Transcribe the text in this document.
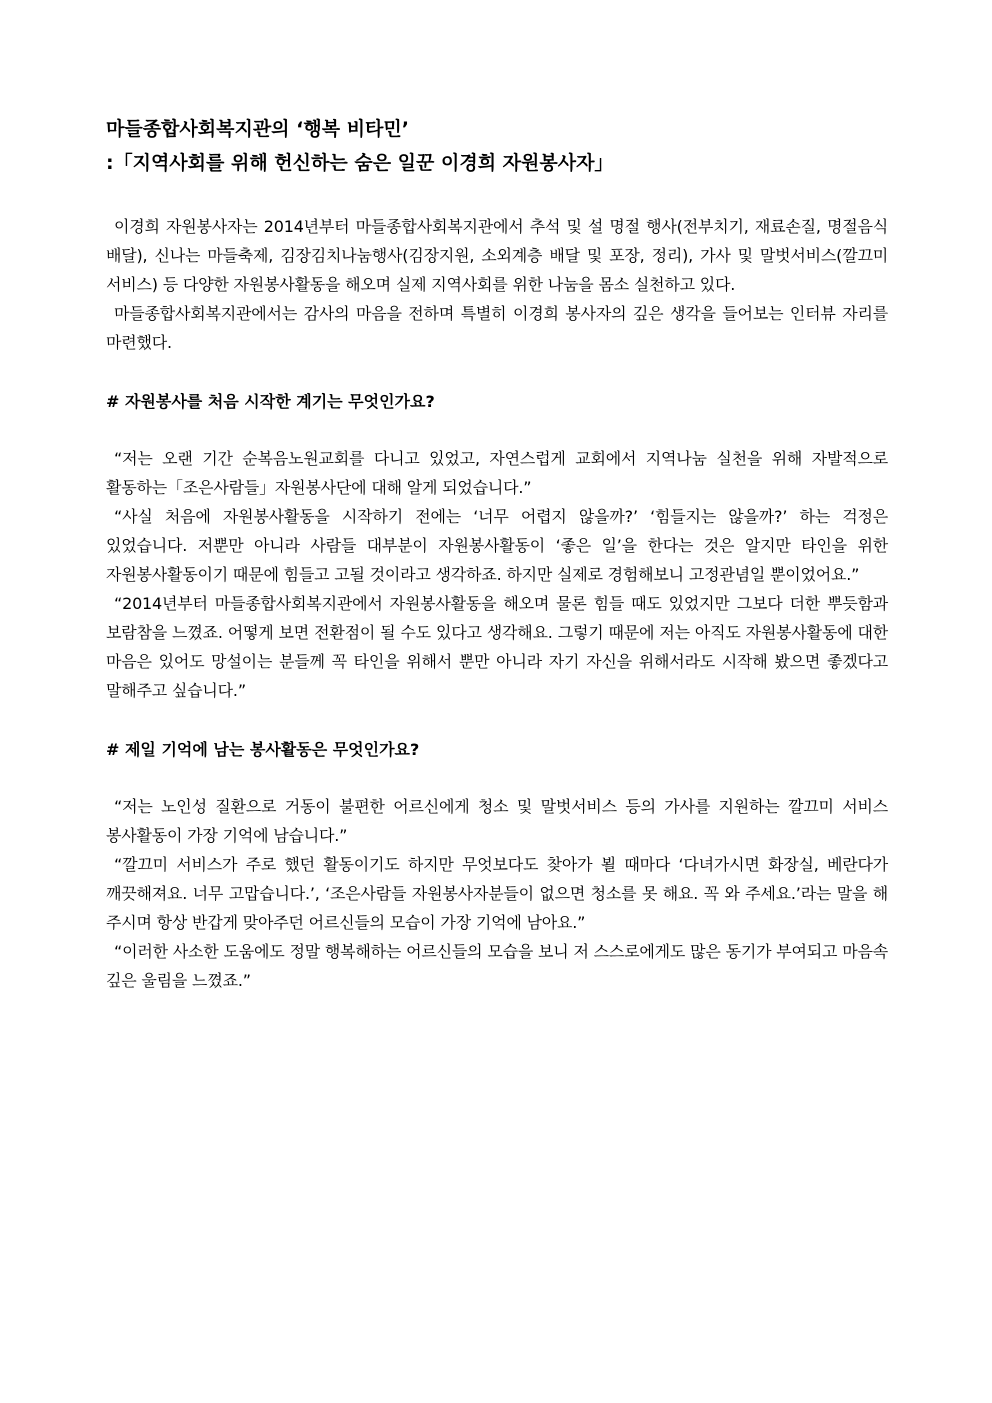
마들종합사회복지관의 ‘행복 비타민’

:「지역사회를 위해 헌신하는 숨은 일꾼 이경희 자원봉사자」

이경희 자원봉사자는 2014년부터 마들종합사회복지관에서 추석 및 설 명절 행사(전부치기, 재료손질, 명절음식 배달), 신나는 마들축제, 김장김치나눔행사(김장지원, 소외계층 배달 및 포장, 정리), 가사 및 말벗서비스(깔끄미 서비스) 등 다양한 자원봉사활동을 해오며 실제 지역사회를 위한 나눔을 몸소 실천하고 있다.

마들종합사회복지관에서는 감사의 마음을 전하며 특별히 이경희 봉사자의 깊은 생각을 들어보는 인터뷰 자리를 마련했다.

# 자원봉사를 처음 시작한 계기는 무엇인가요?

“저는 오랜 기간 순복음노원교회를 다니고 있었고, 자연스럽게 교회에서 지역나눔 실천을 위해 자발적으로 활동하는「조은사람들」자원봉사단에 대해 알게 되었습니다.”

“사실 처음에 자원봉사활동을 시작하기 전에는 ‘너무 어렵지 않을까?’ ‘힘들지는 않을까?’ 하는 걱정은 있었습니다. 저뿐만 아니라 사람들 대부분이 자원봉사활동이 ‘좋은 일’을 한다는 것은 알지만 타인을 위한 자원봉사활동이기 때문에 힘들고 고될 것이라고 생각하죠. 하지만 실제로 경험해보니 고정관념일 뿐이었어요.”

“2014년부터 마들종합사회복지관에서 자원봉사활동을 해오며 물론 힘들 때도 있었지만 그보다 더한 뿌듯함과 보람참을 느꼈죠. 어떻게 보면 전환점이 될 수도 있다고 생각해요. 그렇기 때문에 저는 아직도 자원봉사활동에 대한 마음은 있어도 망설이는 분들께 꼭 타인을 위해서 뿐만 아니라 자기 자신을 위해서라도 시작해 봤으면 좋겠다고 말해주고 싶습니다.”

# 제일 기억에 남는 봉사활동은 무엇인가요?

“저는 노인성 질환으로 거동이 불편한 어르신에게 청소 및 말벗서비스 등의 가사를 지원하는 깔끄미 서비스 봉사활동이 가장 기억에 남습니다.”

“깔끄미 서비스가 주로 했던 활동이기도 하지만 무엇보다도 찾아가 뵐 때마다 ‘다녀가시면 화장실, 베란다가 깨끗해져요. 너무 고맙습니다.’, ‘조은사람들 자원봉사자분들이 없으면 청소를 못 해요. 꼭 와 주세요.’라는 말을 해 주시며 항상 반갑게 맞아주던 어르신들의 모습이 가장 기억에 남아요.”

“이러한 사소한 도움에도 정말 행복해하는 어르신들의 모습을 보니 저 스스로에게도 많은 동기가 부여되고 마음속 깊은 울림을 느꼈죠.”
